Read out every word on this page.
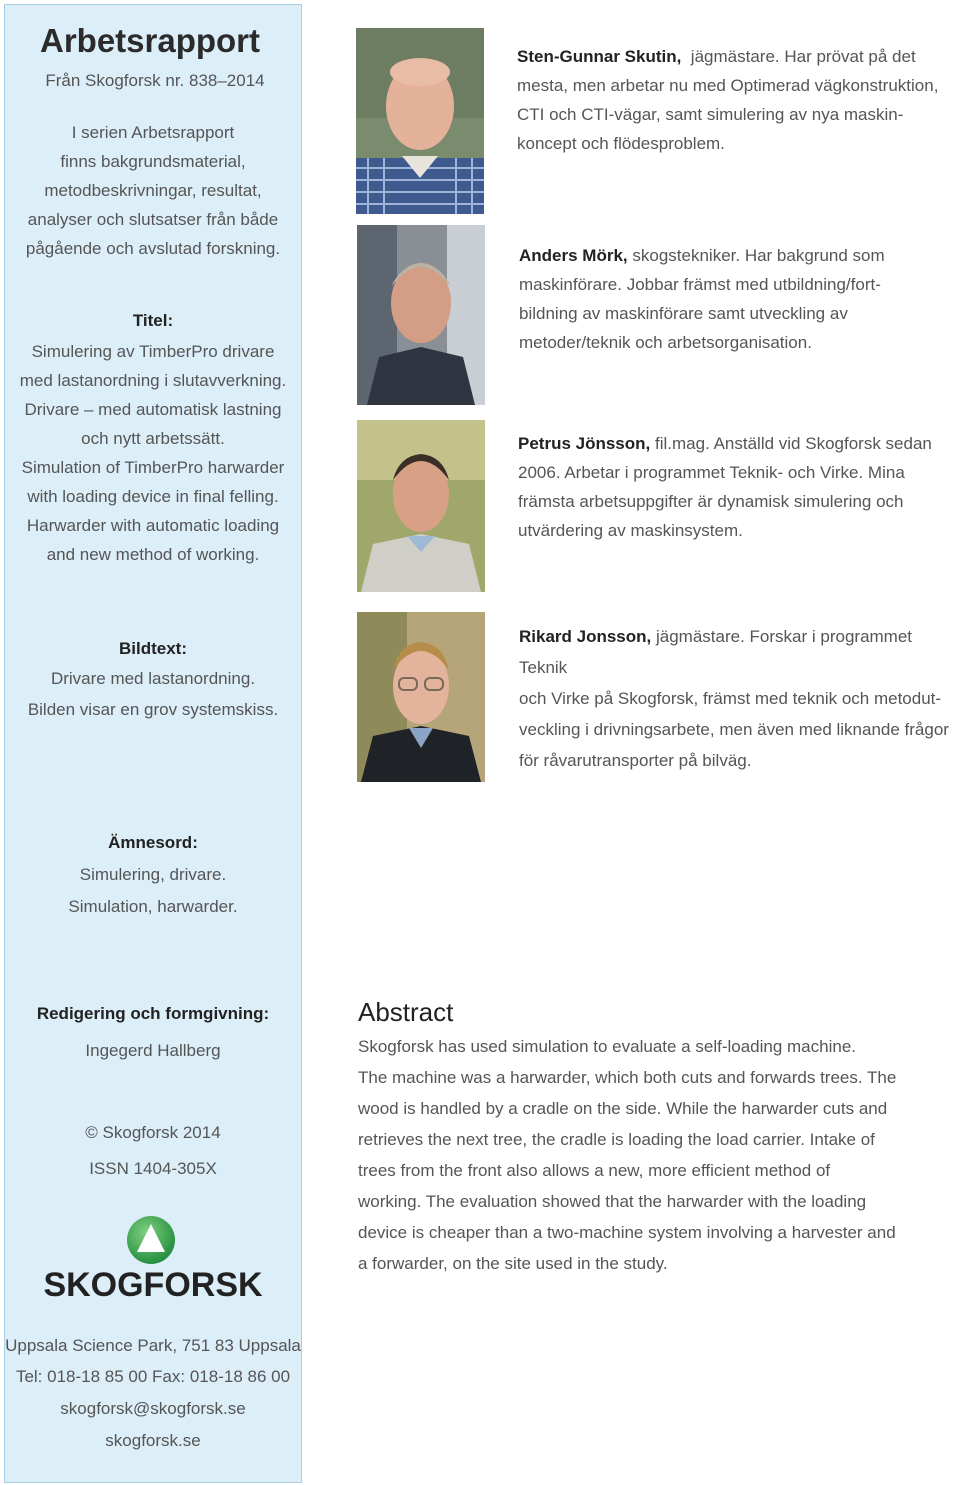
Arbetsrapport
Från Skogforsk nr. 838–2014
I serien Arbetsrapport
finns bakgrundsmaterial,
metodbeskrivningar, resultat,
analyser och slutsatser från både
pågående och avslutad forskning.
Titel:
Simulering av TimberPro drivare
med lastanordning i slutavverkning.
Drivare – med automatisk lastning
och nytt arbetssätt.
Simulation of TimberPro harwarder
with loading device in final felling.
Harwarder with automatic loading
and new method of working.
Bildtext:
Drivare med lastanordning.
Bilden visar en grov systemskiss.
Ämnesord:
Simulering, drivare.
Simulation, harwarder.
Redigering och formgivning:
Ingegerd Hallberg
© Skogforsk 2014
ISSN 1404-305X
SKOGFORSK
Uppsala Science Park, 751 83 Uppsala
Tel: 018-18 85 00 Fax: 018-18 86 00
skogforsk@skogforsk.se
skogforsk.se
Sten-Gunnar Skutin, jägmästare. Har prövat på det
mesta, men arbetar nu med Optimerad vägkonstruktion,
CTI och CTI-vägar, samt simulering av nya maskin-
koncept och flödesproblem.
Anders Mörk, skogstekniker. Har bakgrund som
maskinförare. Jobbar främst med utbildning/fort-
bildning av maskinförare samt utveckling av
metoder/teknik och arbetsorganisation.
Petrus Jönsson, fil.mag. Anställd vid Skogforsk sedan
2006. Arbetar i programmet Teknik- och Virke. Mina
främsta arbetsuppgifter är dynamisk simulering och
utvärdering av maskinsystem.
Rikard Jonsson, jägmästare. Forskar i programmet Teknik
och Virke på Skogforsk, främst med teknik och metodut-
veckling i drivningsarbete, men även med liknande frågor
för råvarutransporter på bilväg.
Abstract
Skogforsk has used simulation to evaluate a self-loading machine.
The machine was a harwarder, which both cuts and forwards trees. The
wood is handled by a cradle on the side. While the harwarder cuts and
retrieves the next tree, the cradle is loading the load carrier. Intake of
trees from the front also allows a new, more efficient method of
working. The evaluation showed that the harwarder with the loading
device is cheaper than a two-machine system involving a harvester and
a forwarder, on the site used in the study.
